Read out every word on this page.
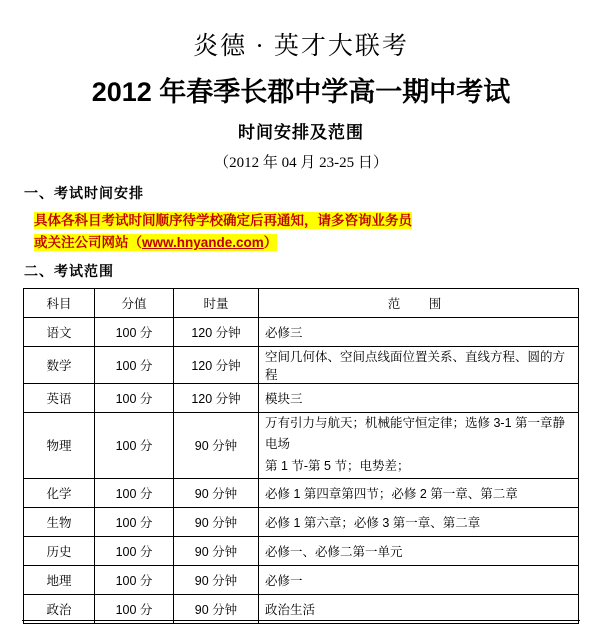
炎德 · 英才大联考
2012 年春季长郡中学高一期中考试
时间安排及范围
（2012 年 04 月 23-25 日）
一、考试时间安排
具体各科目考试时间顺序待学校确定后再通知，请多咨询业务员
或关注公司网站（www.hnyande.com）
二、考试范围
科目	分值	时量	范　围
语文	100 分	120 分钟	必修三
数学	100 分	120 分钟	空间几何体、空间点线面位置关系、直线方程、圆的方程
英语	100 分	120 分钟	模块三
物理	100 分	90 分钟	万有引力与航天；机械能守恒定律；选修 3-1 第一章静电场
第 1 节-第 5 节；电势差；
化学	100 分	90 分钟	必修 1 第四章第四节；必修 2 第一章、第二章
生物	100 分	90 分钟	必修 1 第六章；必修 3 第一章、第二章
历史	100 分	90 分钟	必修一、必修二第一单元
地理	100 分	90 分钟	必修一
政治	100 分	90 分钟	政治生活
